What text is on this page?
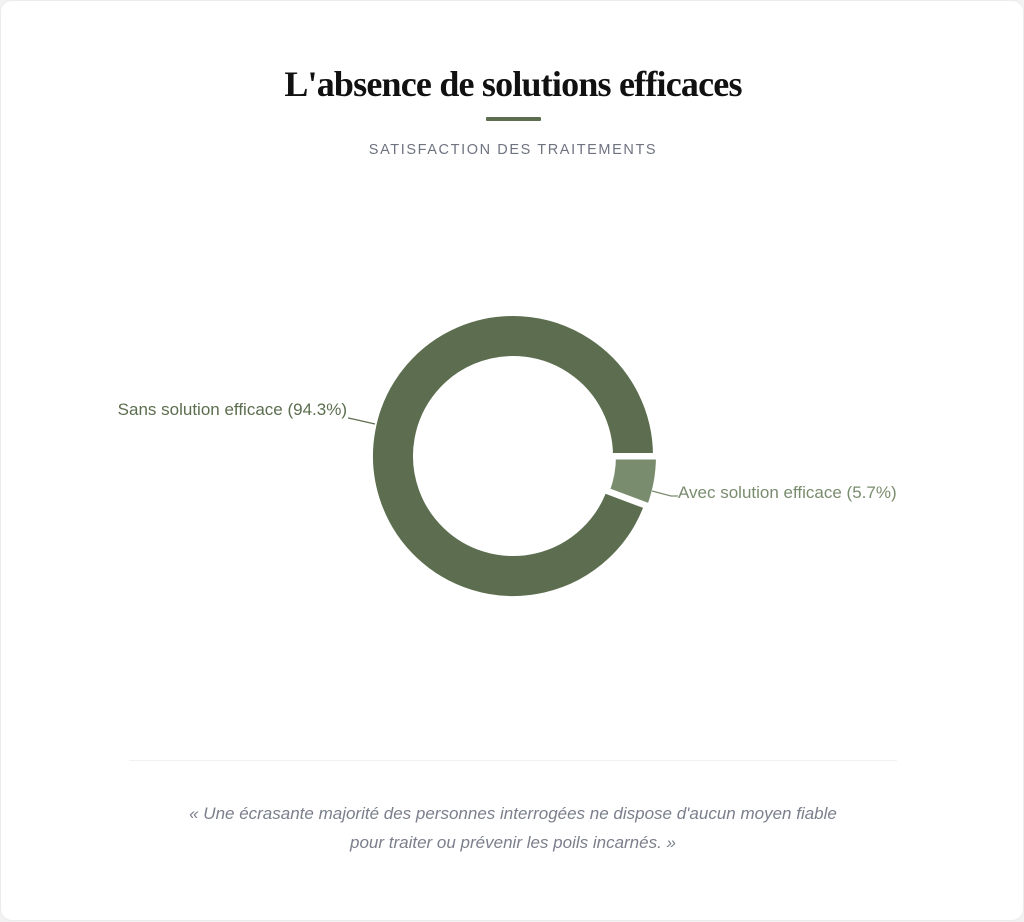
L'absence de solutions efficaces
SATISFACTION DES TRAITEMENTS
Sans solution efficace (94.3%)
Avec solution efficace (5.7%)
« Une écrasante majorité des personnes interrogées ne dispose d'aucun moyen fiable
pour traiter ou prévenir les poils incarnés. »
